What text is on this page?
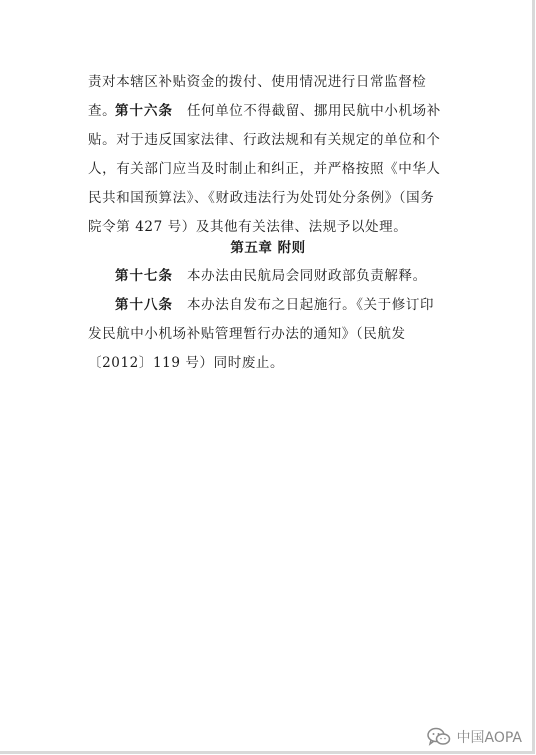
责对本辖区补贴资金的拨付、使用情况进行日常监督检查。

第十六条 任何单位不得截留、挪用民航中小机场补贴。对于违反国家法律、行政法规和有关规定的单位和个人，有关部门应当及时制止和纠正，并严格按照《中华人民共和国预算法》、《财政违法行为处罚处分条例》（国务院令第 427 号）及其他有关法律、法规予以处理。

第五章 附则

第十七条 本办法由民航局会同财政部负责解释。

第十八条 本办法自发布之日起施行。《关于修订印发民航中小机场补贴管理暂行办法的通知》（民航发〔2012〕119 号）同时废止。

中国AOPA
